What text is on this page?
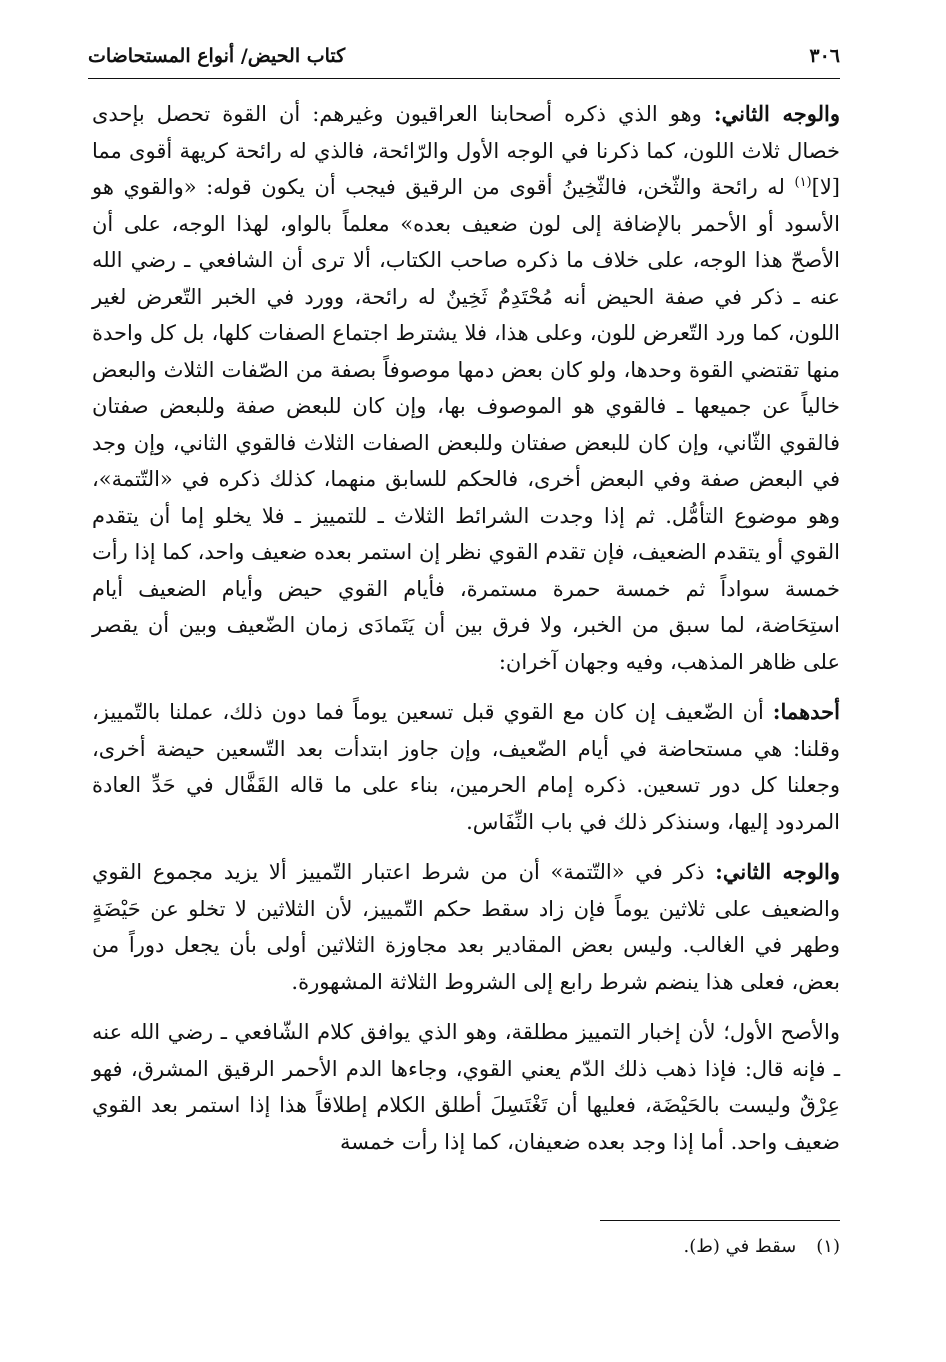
٣٠٦
كتاب الحيض/ أنواع المستحاضات

والوجه الثاني: وهو الذي ذكره أصحابنا العراقيون وغيرهم: أن القوة تحصل بإحدى خصال ثلاث اللون، كما ذكرنا في الوجه الأول والرّائحة، فالذي له رائحة كريهة أقوى مما [لا]$^{(١)}$ له رائحة والثّخن، فالثّخِينُ أقوى من الرقيق فيجب أن يكون قوله: «والقوي هو الأسود أو الأحمر بالإضافة إلى لون ضعيف بعده» معلماً بالواو، لهذا الوجه، على أن الأصحّ هذا الوجه، على خلاف ما ذكره صاحب الكتاب، ألا ترى أن الشافعي ـ رضي الله عنه ـ ذكر في صفة الحيض أنه مُحْتَدِمٌ ثَخِينٌ له رائحة، وورد في الخبر التّعرض لغير اللون، كما ورد التّعرض للون، وعلى هذا، فلا يشترط اجتماع الصفات كلها، بل كل واحدة منها تقتضي القوة وحدها، ولو كان بعض دمها موصوفاً بصفة من الصّفات الثلاث والبعض خالياً عن جميعها ـ فالقوي هو الموصوف بها، وإن كان للبعض صفة وللبعض صفتان فالقوي الثّاني، وإن كان للبعض صفتان وللبعض الصفات الثلاث فالقوي الثاني، وإن وجد في البعض صفة وفي البعض أخرى، فالحكم للسابق منهما، كذلك ذكره في «التّتمة»، وهو موضوع التأمُّل. ثم إذا وجدت الشرائط الثلاث ـ للتمييز ـ فلا يخلو إما أن يتقدم القوي أو يتقدم الضعيف، فإن تقدم القوي نظر إن استمر بعده ضعيف واحد، كما إذا رأت خمسة سواداً ثم خمسة حمرة مستمرة، فأيام القوي حيض وأيام الضعيف أيام استِحَاضة، لما سبق من الخبر، ولا فرق بين أن يَتَمادَى زمان الضّعيف وبين أن يقصر على ظاهر المذهب، وفيه وجهان آخران:

أحدهما: أن الضّعيف إن كان مع القوي قبل تسعين يوماً فما دون ذلك، عملنا بالتّمييز، وقلنا: هي مستحاضة في أيام الضّعيف، وإن جاوز ابتدأت بعد التّسعين حيضة أخرى، وجعلنا كل دور تسعين. ذكره إمام الحرمين، بناء على ما قاله القَفَّال في حَدِّ العادة المردود إليها، وسنذكر ذلك في باب النِّفَاس.

والوجه الثاني: ذكر في «التّتمة» أن من شرط اعتبار التّمييز ألا يزيد مجموع القوي والضعيف على ثلاثين يوماً فإن زاد سقط حكم التّمييز، لأن الثلاثين لا تخلو عن حَيْضَةٍ وطهر في الغالب. وليس بعض المقادير بعد مجاوزة الثلاثين أولى بأن يجعل دوراً من بعض، فعلى هذا ينضم شرط رابع إلى الشروط الثلاثة المشهورة.

والأصح الأول؛ لأن إخبار التمييز مطلقة، وهو الذي يوافق كلام الشّافعي ـ رضي الله عنه ـ فإنه قال: فإذا ذهب ذلك الدّم يعني القوي، وجاءها الدم الأحمر الرقيق المشرق، فهو عِرْقٌ وليست بالحَيْضَة، فعليها أن تَغْتَسِلَ أطلق الكلام إطلاقاً هذا إذا استمر بعد القوي ضعيف واحد. أما إذا وجد بعده ضعيفان، كما إذا رأت خمسة

(١)سقط في (ط).
